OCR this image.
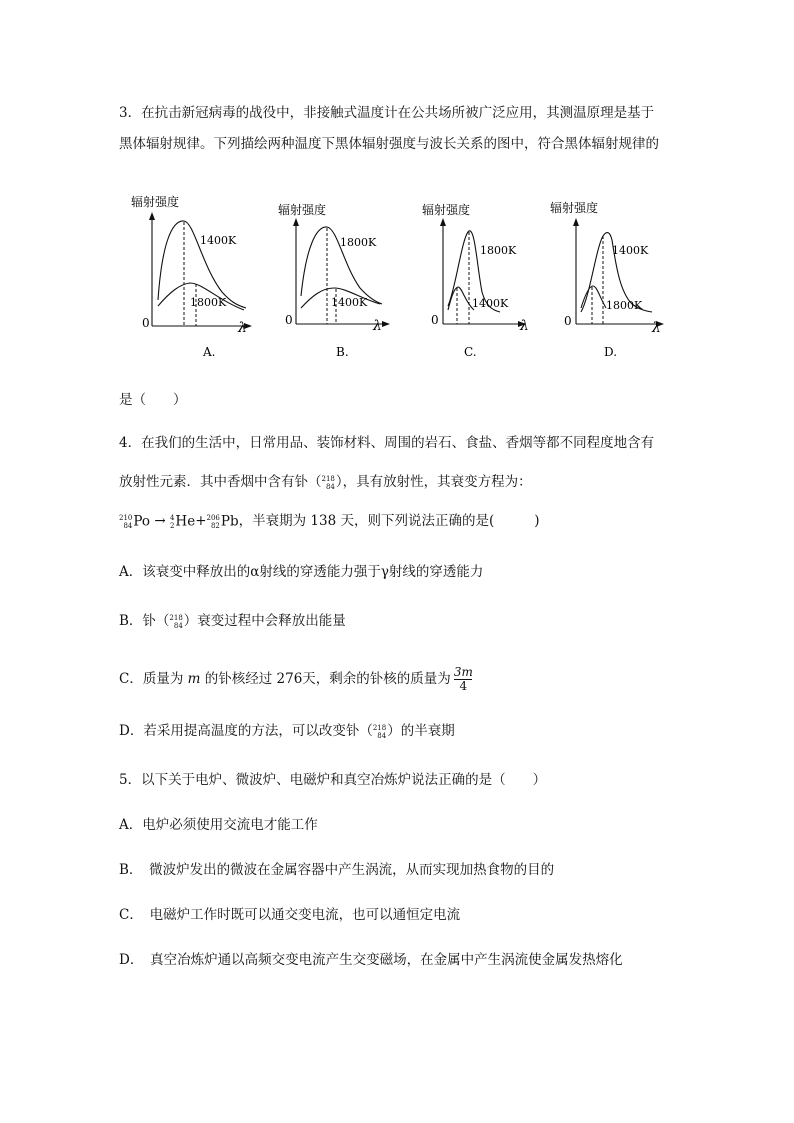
3．在抗击新冠病毒的战役中，非接触式温度计在公共场所被广泛应用，其测温原理是基于
黑体辐射规律。下列描绘两种温度下黑体辐射强度与波长关系的图中，符合黑体辐射规律的
辐射强度
0	λ
1400K
1800K
A.
辐射强度
0	λ
1800K
1400K
B.
辐射强度
0	λ
1800K
1400K
C.
辐射强度
0	λ
1400K
1800K
D.
是（　　）
4．在我们的生活中，日常用品、装饰材料、周围的岩石、食盐、香烟等都不同程度地含有
放射性元素．其中香烟中含有钋（ 218
84 ），具有放射性，其衰变方程为：
210
84 Po → 4
2 He+ 206
82 Pb，半衰期为 138 天，则下列说法正确的是(	)
A．该衰变中释放出的α射线的穿透能力强于γ射线的穿透能力
B．钋（ 218
84 ）衰变过程中会释放出能量
C．质量为 m 的钋核经过 276天，剩余的钋核的质量为 $\frac{3m}{4}$
D．若采用提高温度的方法，可以改变钋（ 218
84 ）的半衰期
5．以下关于电炉、微波炉、电磁炉和真空冶炼炉说法正确的是（　　）
A．电炉必须使用交流电才能工作
B．　微波炉发出的微波在金属容器中产生涡流，从而实现加热食物的目的
C．　电磁炉工作时既可以通交变电流，也可以通恒定电流
D．　真空冶炼炉通以高频交变电流产生交变磁场，在金属中产生涡流使金属发热熔化
